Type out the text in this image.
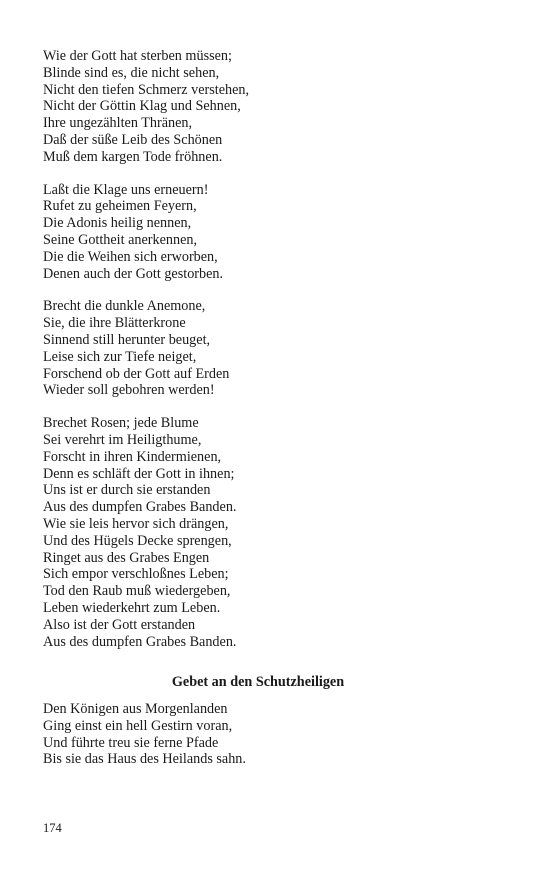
Wie der Gott hat sterben müssen;
Blinde sind es, die nicht sehen,
Nicht den tiefen Schmerz verstehen,
Nicht der Göttin Klag und Sehnen,
Ihre ungezählten Thränen,
Daß der süße Leib des Schönen
Muß dem kargen Tode fröhnen.
Laßt die Klage uns erneuern!
Rufet zu geheimen Feyern,
Die Adonis heilig nennen,
Seine Gottheit anerkennen,
Die die Weihen sich erworben,
Denen auch der Gott gestorben.
Brecht die dunkle Anemone,
Sie, die ihre Blätterkrone
Sinnend still herunter beuget,
Leise sich zur Tiefe neiget,
Forschend ob der Gott auf Erden
Wieder soll gebohren werden!
Brechet Rosen; jede Blume
Sei verehrt im Heiligthume,
Forscht in ihren Kindermienen,
Denn es schläft der Gott in ihnen;
Uns ist er durch sie erstanden
Aus des dumpfen Grabes Banden.
Wie sie leis hervor sich drängen,
Und des Hügels Decke sprengen,
Ringet aus des Grabes Engen
Sich empor verschloßnes Leben;
Tod den Raub muß wiedergeben,
Leben wiederkehrt zum Leben.
Also ist der Gott erstanden
Aus des dumpfen Grabes Banden.
Gebet an den Schutzheiligen
Den Königen aus Morgenlanden
Ging einst ein hell Gestirn voran,
Und führte treu sie ferne Pfade
Bis sie das Haus des Heilands sahn.
174
